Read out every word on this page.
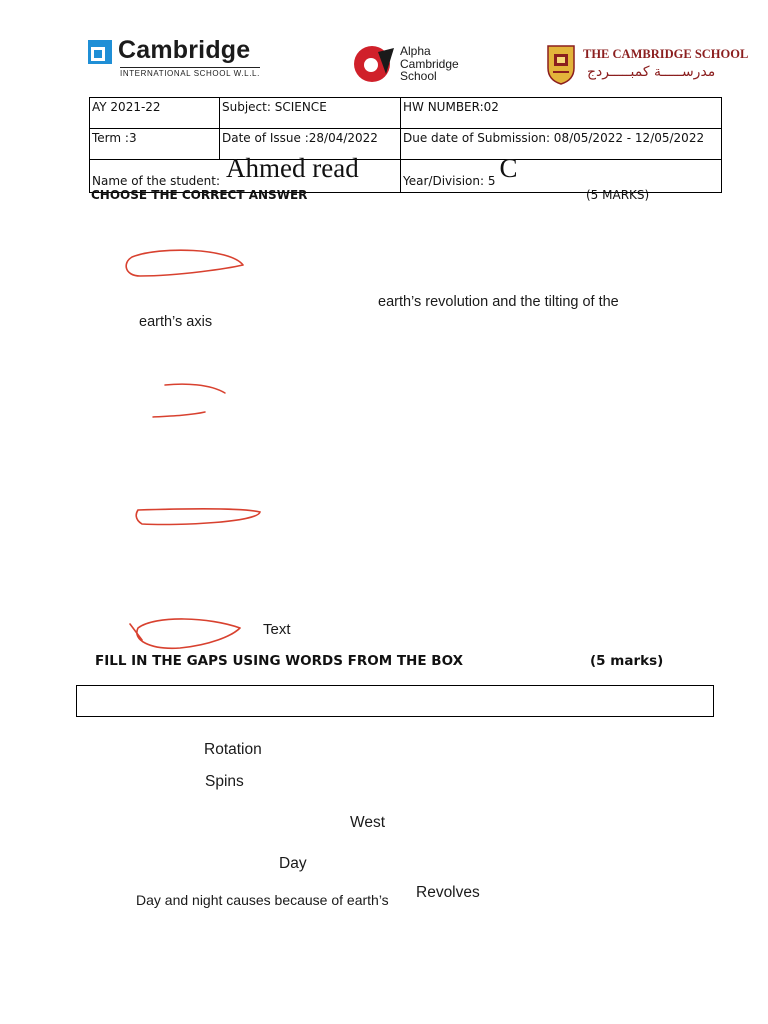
Cambridge
INTERNATIONAL SCHOOL W.L.L.
Alpha
Cambridge
School
THE CAMBRIDGE SCHOOL
مدرســـــة كمبـــــردج
AY 2021-22	Subject: SCIENCE	HW NUMBER:02

Term :3	Date of Issue :28/04/2022	Due date of Submission: 08/05/2022 - 12/05/2022

Name of the student: Ahmed read		Year/Division: 5 C
CHOOSE THE CORRECT ANSWER	(5 MARKS)
earth’s revolution and the tilting of the
earth’s axis
Text
FILL IN THE GAPS USING WORDS FROM THE BOX	(5 marks)
Rotation
Spins
West
Day
Revolves
Day and night causes because of earth’s
